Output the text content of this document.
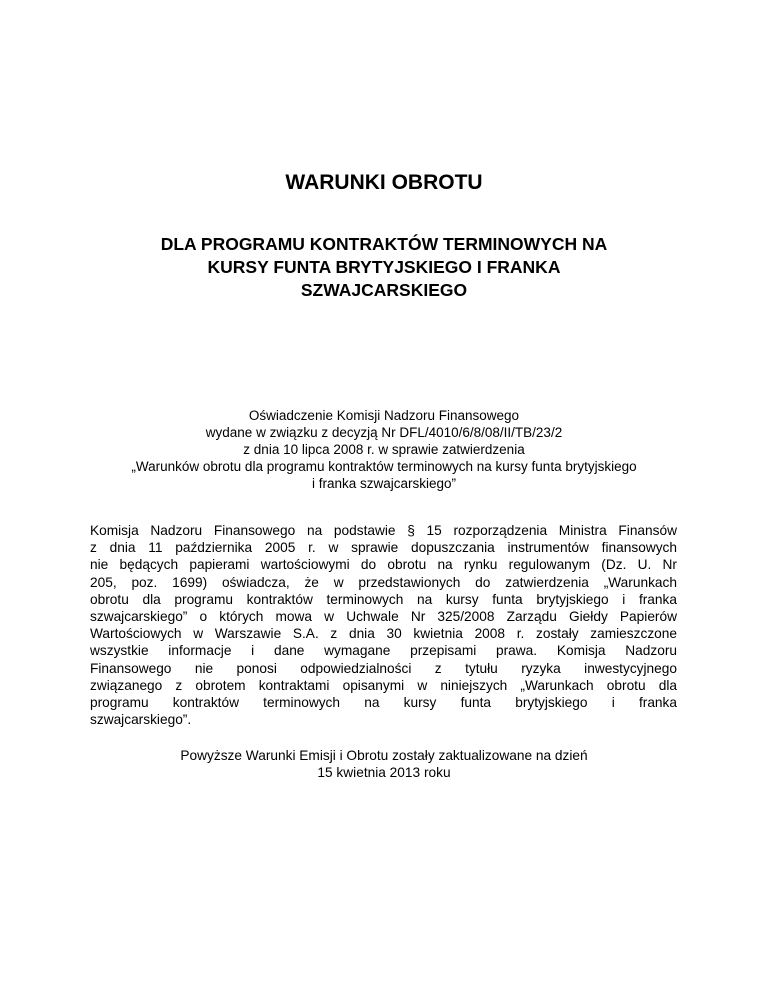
WARUNKI OBROTU
DLA PROGRAMU KONTRAKTÓW TERMINOWYCH NA
KURSY FUNTA BRYTYJSKIEGO I FRANKA
SZWAJCARSKIEGO

Oświadczenie Komisji Nadzoru Finansowego
wydane w związku z decyzją Nr DFL/4010/6/8/08/II/TB/23/2
z dnia 10 lipca 2008 r. w sprawie zatwierdzenia
„Warunków obrotu dla programu kontraktów terminowych na kursy funta brytyjskiego
i franka szwajcarskiego”

Komisja Nadzoru Finansowego na podstawie § 15 rozporządzenia Ministra Finansów
z dnia 11 października 2005 r. w sprawie dopuszczania instrumentów finansowych
nie będących papierami wartościowymi do obrotu na rynku regulowanym (Dz. U. Nr
205, poz. 1699) oświadcza, że w przedstawionych do zatwierdzenia „Warunkach
obrotu dla programu kontraktów terminowych na kursy funta brytyjskiego i franka
szwajcarskiego” o których mowa w Uchwale Nr 325/2008 Zarządu Giełdy Papierów
Wartościowych w Warszawie S.A. z dnia 30 kwietnia 2008 r. zostały zamieszczone
wszystkie informacje i dane wymagane przepisami prawa. Komisja Nadzoru
Finansowego nie ponosi odpowiedzialności z tytułu ryzyka inwestycyjnego
związanego z obrotem kontraktami opisanymi w niniejszych „Warunkach obrotu dla
programu kontraktów terminowych na kursy funta brytyjskiego i franka
szwajcarskiego”.

Powyższe Warunki Emisji i Obrotu zostały zaktualizowane na dzień
15 kwietnia 2013 roku
